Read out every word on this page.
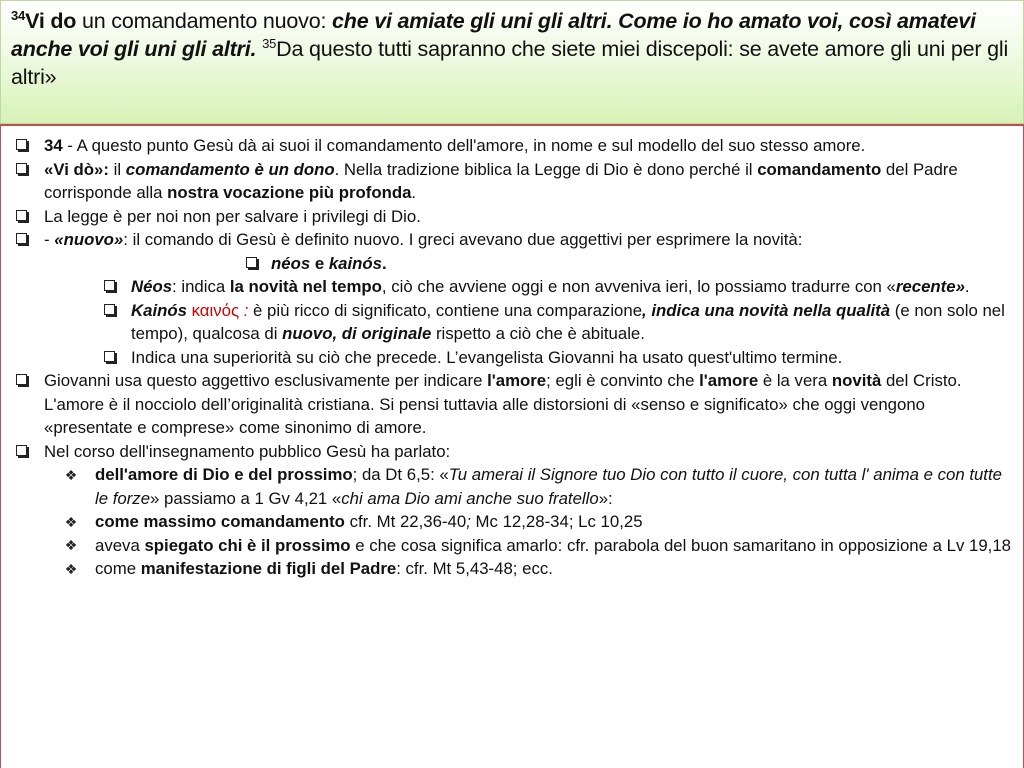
$^{34}$Vi do un comandamento nuovo: che vi amiate gli uni gli altri. Come io ho amato voi, così amatevi anche voi gli uni gli altri. $^{35}$Da questo tutti sapranno che siete miei discepoli: se avete amore gli uni per gli altri»
34 - A questo punto Gesù dà ai suoi il comandamento dell'amore, in nome e sul modello del suo stesso amore.
«Vi dò»: il comandamento è un dono. Nella tradizione biblica la Legge di Dio è dono perché il comandamento del Padre corrisponde alla nostra vocazione più profonda.
La legge è per noi non per salvare i privilegi di Dio.
- «nuovo»: il comando di Gesù è definito nuovo. I greci avevano due aggettivi per esprimere la novità:
néos e kainós.
Néos: indica la novità nel tempo, ciò che avviene oggi e non avveniva ieri, lo possiamo tradurre con «recente».
Kainós καινός : è più ricco di significato, contiene una comparazione, indica una novità nella qualità (e non solo nel tempo), qualcosa di nuovo, di originale rispetto a ciò che è abituale.
Indica una superiorità su ciò che precede. L’evangelista Giovanni ha usato quest'ultimo termine.
Giovanni usa questo aggettivo esclusivamente per indicare l'amore; egli è convinto che l'amore è la vera novità del Cristo. L'amore è il nocciolo dell’originalità cristiana. Si pensi tuttavia alle distorsioni di «senso e significato» che oggi vengono «presentate e comprese» come sinonimo di amore.
Nel corso dell'insegnamento pubblico Gesù ha parlato:
❖ dell'amore di Dio e del prossimo; da Dt 6,5: «Tu amerai il Signore tuo Dio con tutto il cuore, con tutta l' anima e con tutte le forze» passiamo a 1 Gv 4,21 «chi ama Dio ami anche suo fratello»:
❖ come massimo comandamento cfr. Mt 22,36-40; Mc 12,28-34; Lc 10,25
❖ aveva spiegato chi è il prossimo e che cosa significa amarlo: cfr. parabola del buon samaritano in opposizione a Lv 19,18
❖ come manifestazione di figli del Padre: cfr. Mt 5,43-48; ecc.
